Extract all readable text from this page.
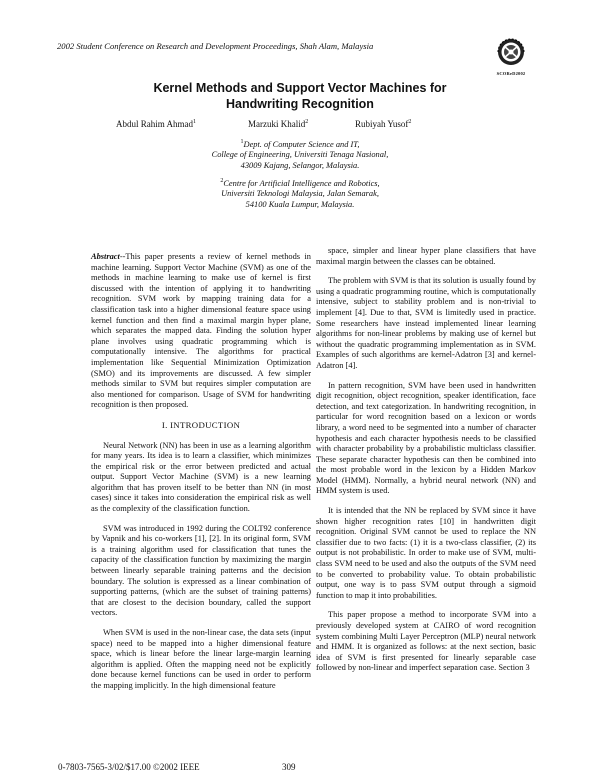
2002 Student Conference on Research and Development Proceedings, Shah Alam, Malaysia
SCOReD2002
Kernel Methods and Support Vector Machines for
Handwriting Recognition
Abdul Rahim Ahmad$^1$	Marzuki Khalid$^2$	Rubiyah Yusof$^2$
$^1$Dept. of Computer Science and IT,
College of Engineering, Universiti Tenaga Nasional,
43009 Kajang, Selangor, Malaysia.
$^2$Centre for Artificial Intelligence and Robotics,
Universiti Teknologi Malaysia, Jalan Semarak,
54100 Kuala Lumpur, Malaysia.

Abstract--This paper presents a review of kernel methods in machine learning. Support Vector Machine (SVM) as one of the methods in machine learning to make use of kernel is first discussed with the intention of applying it to handwriting recognition. SVM work by mapping training data for a classification task into a higher dimensional feature space using kernel function and then find a maximal margin hyper plane, which separates the mapped data. Finding the solution hyper plane involves using quadratic programming which is computationally intensive. The algorithms for practical implementation like Sequential Minimization Optimization (SMO) and its improvements are discussed. A few simpler methods similar to SVM but requires simpler computation are also mentioned for comparison. Usage of SVM for handwriting recognition is then proposed.

I. INTRODUCTION

Neural Network (NN) has been in use as a learning algorithm for many years. Its idea is to learn a classifier, which minimizes the empirical risk or the error between predicted and actual output. Support Vector Machine (SVM) is a new learning algorithm that has proven itself to be better than NN (in most cases) since it takes into consideration the empirical risk as well as the complexity of the classification function.

SVM was introduced in 1992 during the COLT92 conference by Vapnik and his co-workers [1], [2]. In its original form, SVM is a training algorithm used for classification that tunes the capacity of the classification function by maximizing the margin between linearly separable training patterns and the decision boundary. The solution is expressed as a linear combination of supporting patterns, (which are the subset of training patterns) that are closest to the decision boundary, called the support vectors.

When SVM is used in the non-linear case, the data sets (input space) need to be mapped into a higher dimensional feature space, which is linear before the linear large-margin learning algorithm is applied. Often the mapping need not be explicitly done because kernel functions can be used in order to perform the mapping implicitly. In the high dimensional feature

space, simpler and linear hyper plane classifiers that have maximal margin between the classes can be obtained.

The problem with SVM is that its solution is usually found by using a quadratic programming routine, which is computationally intensive, subject to stability problem and is non-trivial to implement [4]. Due to that, SVM is limitedly used in practice. Some researchers have instead implemented linear learning algorithms for non-linear problems by making use of kernel but without the quadratic programming implementation as in SVM. Examples of such algorithms are kernel-Adatron [3] and kernel-Adatron [4].

In pattern recognition, SVM have been used in handwritten digit recognition, object recognition, speaker identification, face detection, and text categorization. In handwriting recognition, in particular for word recognition based on a lexicon or words library, a word need to be segmented into a number of character hypothesis and each character hypothesis needs to be classified with character probability by a probabilistic multiclass classifier. These separate character hypothesis can then be combined into the most probable word in the lexicon by a Hidden Markov Model (HMM). Normally, a hybrid neural network (NN) and HMM system is used.

It is intended that the NN be replaced by SVM since it have shown higher recognition rates [10] in handwritten digit recognition. Original SVM cannot be used to replace the NN classifier due to two facts: (1) it is a two-class classifier, (2) its output is not probabilistic. In order to make use of SVM, multi-class SVM need to be used and also the outputs of the SVM need to be converted to probability value. To obtain probabilistic output, one way is to pass SVM output through a sigmoid function to map it into probabilities.

This paper propose a method to incorporate SVM into a previously developed system at CAIRO of word recognition system combining Multi Layer Perceptron (MLP) neural network and HMM. It is organized as follows: at the next section, basic idea of SVM is first presented for linearly separable case followed by non-linear and imperfect separation case. Section 3

0-7803-7565-3/02/$17.00 ©2002 IEEE	309
